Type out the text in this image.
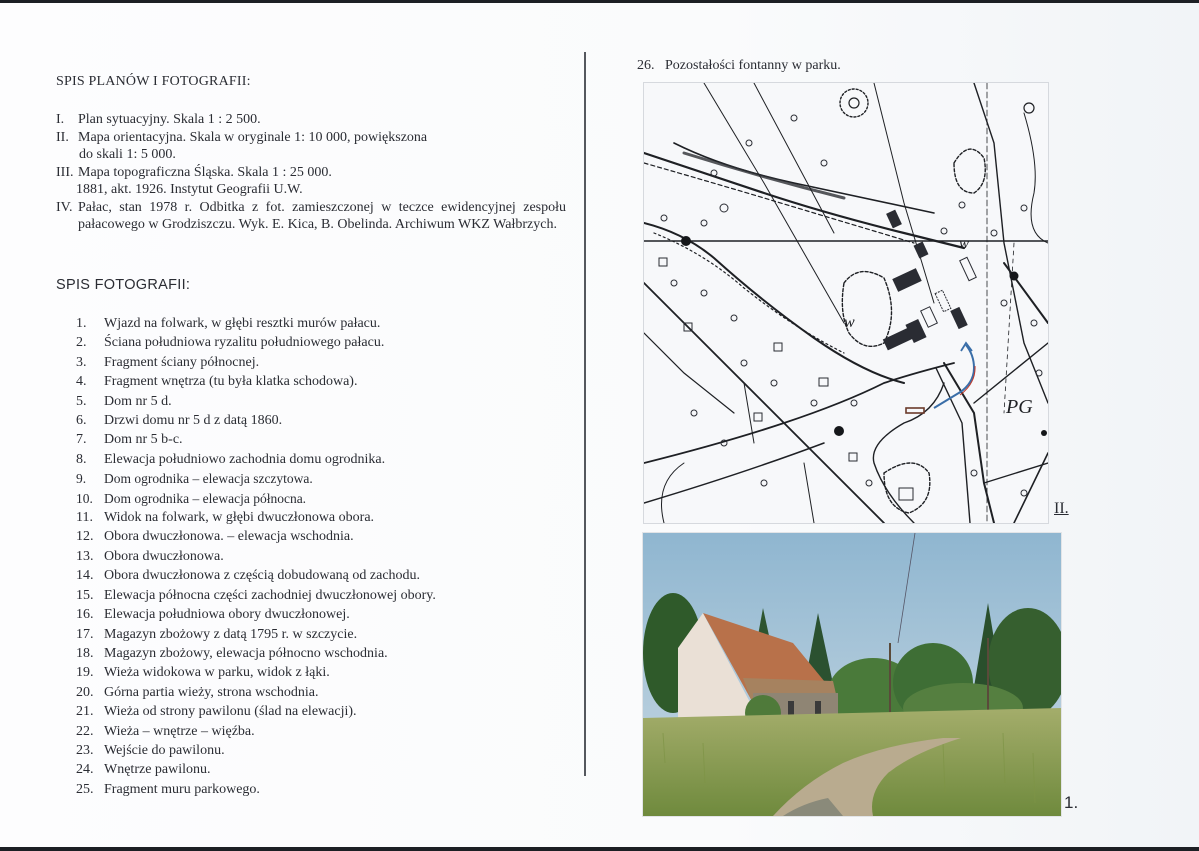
SPIS PLANÓW I FOTOGRAFII:
I. Plan sytuacyjny. Skala 1 : 2 500.
II. Mapa orientacyjna. Skala w oryginale 1: 10 000, powiększona
do skali 1: 5 000.
III. Mapa topograficzna Śląska. Skala 1 : 25 000.
1881, akt. 1926. Instytut Geografii U.W.
IV. Pałac, stan 1978 r. Odbitka z fot. zamieszczonej w teczce ewidencyjnej zespołu pałacowego w Grodziszczu. Wyk. E. Kica, B. Obelinda. Archiwum WKZ Wałbrzych.
SPIS FOTOGRAFII:
1. Wjazd na folwark, w głębi resztki murów pałacu.
2. Ściana południowa ryzalitu południowego pałacu.
3. Fragment ściany północnej.
4. Fragment wnętrza (tu była klatka schodowa).
5. Dom nr 5 d.
6. Drzwi domu nr 5 d z datą 1860.
7. Dom nr 5 b-c.
8. Elewacja południowo zachodnia domu ogrodnika.
9. Dom ogrodnika – elewacja szczytowa.
10. Dom ogrodnika – elewacja północna.
11. Widok na folwark, w głębi dwuczłonowa obora.
12. Obora dwuczłonowa. – elewacja wschodnia.
13. Obora dwuczłonowa.
14. Obora dwuczłonowa z częścią dobudowaną od zachodu.
15. Elewacja północna części zachodniej dwuczłonowej obory.
16. Elewacja południowa obory dwuczłonowej.
17. Magazyn zbożowy z datą 1795 r. w szczycie.
18. Magazyn zbożowy, elewacja północno wschodnia.
19. Wieża widokowa w parku, widok z łąki.
20. Górna partia wieży, strona wschodnia.
21. Wieża od strony pawilonu (ślad na elewacji).
22. Wieża – wnętrze – więźba.
23. Wejście do pawilonu.
24. Wnętrze pawilonu.
25. Fragment muru parkowego.
26. Pozostałości fontanny w parku.
w
w
PG
II.
1.
